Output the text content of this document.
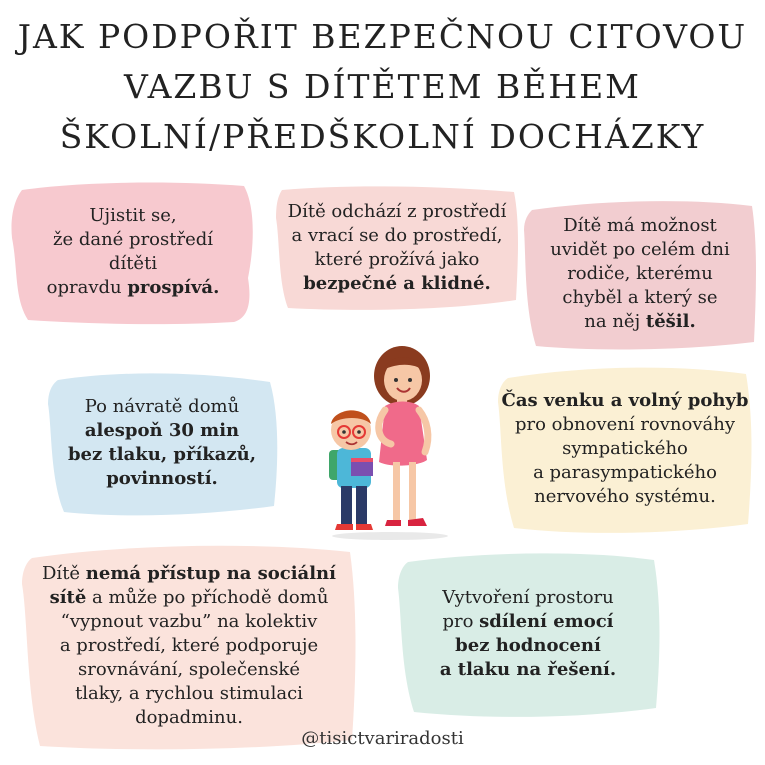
JAK PODPOŘIT BEZPEČNOU CITOVOU
VAZBU S DÍTĚTEM BĚHEM
ŠKOLNÍ/PŘEDŠKOLNÍ DOCHÁZKY
Ujistit se,
že dané prostředí
dítěti
opravdu prospívá.
Dítě odchází z prostředí
a vrací se do prostředí,
které prožívá jako
bezpečné a klidné.
Dítě má možnost
uvidět po celém dni
rodiče, kterému
chyběl a který se
na něj těšil.
Po návratě domů
alespoň 30 min
bez tlaku, příkazů,
povinností.
Čas venku a volný pohyb
pro obnovení rovnováhy
sympatického
a parasympatického
nervového systému.
Dítě nemá přístup na sociální
sítě a může po příchodě domů
“vypnout vazbu” na kolektiv
a prostředí, které podporuje
srovnávání, společenské
tlaky, a rychlou stimulaci
dopadminu.
Vytvoření prostoru
pro sdílení emocí
bez hodnocení
a tlaku na řešení.
@tisictvariradosti
